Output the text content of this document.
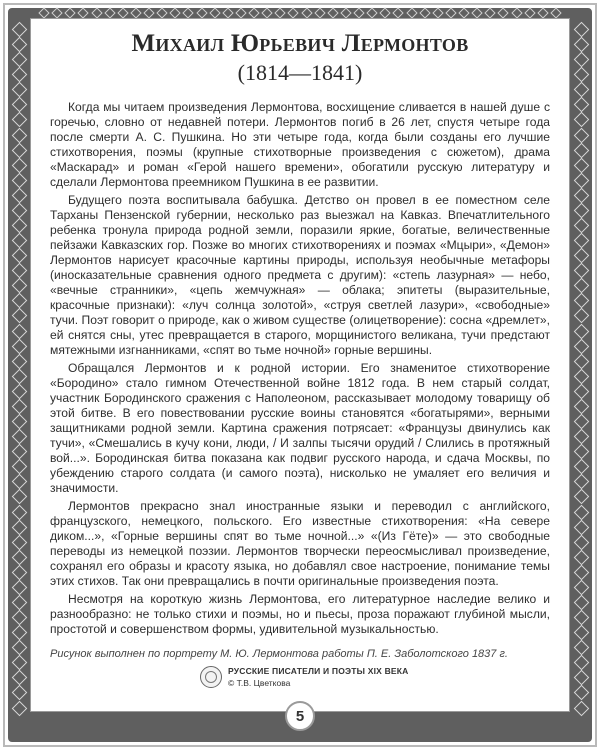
Михаил Юрьевич Лермонтов
(1814—1841)

Когда мы читаем произведения Лермонтова, восхищение сливается в нашей душе с горечью, словно от недавней потери. Лермонтов погиб в 26 лет, спустя четыре года после смерти А. С. Пушкина. Но эти четыре года, когда были созданы его лучшие стихотворения, поэмы (крупные стихотворные произведения с сюжетом), драма «Маскарад» и роман «Герой нашего времени», обогатили русскую литературу и сделали Лермонтова преемником Пушкина в ее развитии.

Будущего поэта воспитывала бабушка. Детство он провел в ее поместном селе Тарханы Пензенской губернии, несколько раз выезжал на Кавказ. Впечатлительного ребенка тронула природа родной земли, поразили яркие, богатые, величественные пейзажи Кавказских гор. Позже во многих стихотворениях и поэмах «Мцыри», «Демон» Лермонтов нарисует красочные картины природы, используя необычные метафоры (иносказательные сравнения одного предмета с другим): «степь лазурная» — небо, «вечные странники», «цепь жемчужная» — облака; эпитеты (выразительные, красочные признаки): «луч солнца золотой», «струя светлей лазури», «свободные» тучи. Поэт говорит о природе, как о живом существе (олицетворение): сосна «дремлет», ей снятся сны, утес превращается в старого, морщинистого великана, тучи предстают мятежными изгнанниками, «спят во тьме ночной» горные вершины.

Обращался Лермонтов и к родной истории. Его знаменитое стихотворение «Бородино» стало гимном Отечественной войне 1812 года. В нем старый солдат, участник Бородинского сражения с Наполеоном, рассказывает молодому товарищу об этой битве. В его повествовании русские воины становятся «богатырями», верными защитниками родной земли. Картина сражения потрясает: «Французы двинулись как тучи», «Смешались в кучу кони, люди, / И залпы тысячи орудий / Слились в протяжный вой...». Бородинская битва показана как подвиг русского народа, и сдача Москвы, по убеждению старого солдата (и самого поэта), нисколько не умаляет его величия и значимости.

Лермонтов прекрасно знал иностранные языки и переводил с английского, французского, немецкого, польского. Его известные стихотворения: «На севере диком...», «Горные вершины спят во тьме ночной...» «(Из Гёте)» — это свободные переводы из немецкой поэзии. Лермонтов творчески переосмысливал произведение, сохранял его образы и красоту языка, но добавлял свое настроение, понимание темы этих стихов. Так они превращались в почти оригинальные произведения поэта.

Несмотря на короткую жизнь Лермонтова, его литературное наследие велико и разнообразно: не только стихи и поэмы, но и пьесы, проза поражают глубиной мысли, простотой и совершенством формы, удивительной музыкальностью.

Рисунок выполнен по портрету М. Ю. Лермонтова работы П. Е. Заболотского 1837 г.

РУССКИЕ ПИСАТЕЛИ И ПОЭТЫ XIX ВЕКА
© Т.В. Цветкова
5
